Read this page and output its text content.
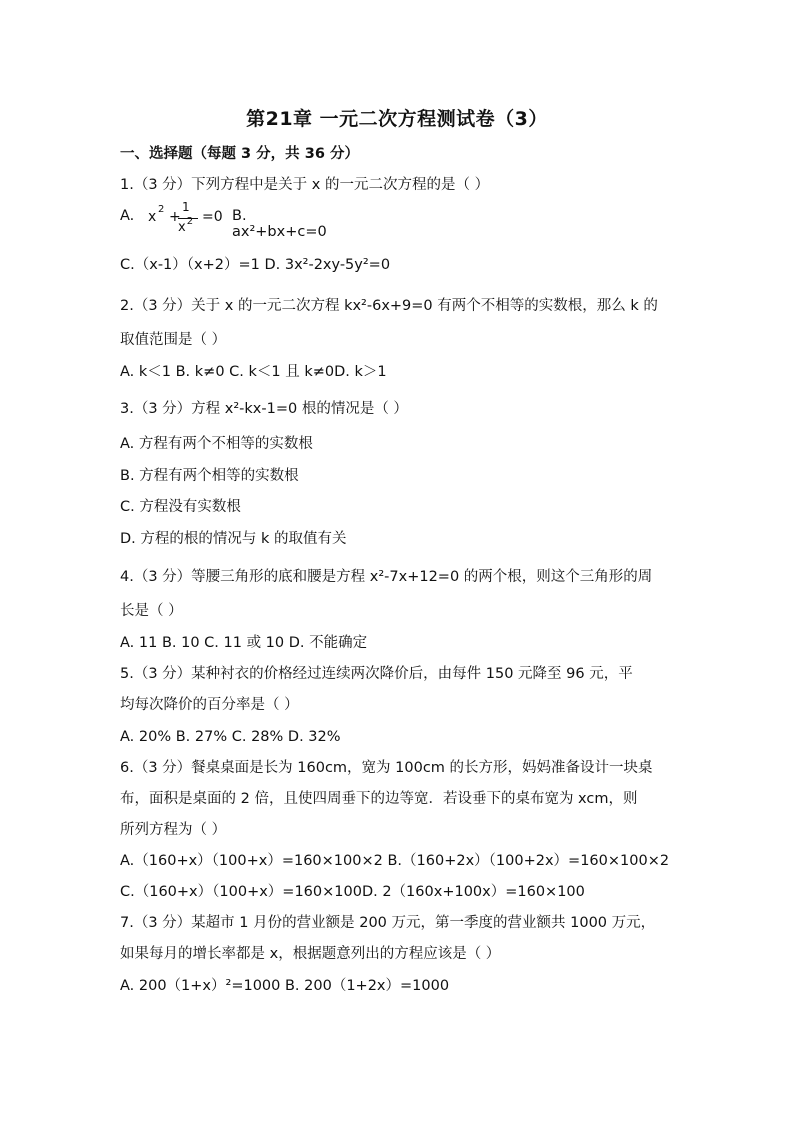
第21章 一元二次方程测试卷（3）
一、选择题（每题 3 分，共 36 分）
1.（3 分）下列方程中是关于 x 的一元二次方程的是（ ）
A. x 2 +
1
$x^2 =0$ B. ax²+bx+c=0
C.（x-1）（x+2）=1 D. 3x²-2xy-5y²=0
2.（3 分）关于 x 的一元二次方程 kx²-6x+9=0 有两个不相等的实数根，那么 k 的
取值范围是（ ）
A. k＜1 B. k≠0 C. k＜1 且 k≠0D. k＞1
3.（3 分）方程 x²-kx-1=0 根的情况是（ ）
A. 方程有两个不相等的实数根
B. 方程有两个相等的实数根
C. 方程没有实数根
D. 方程的根的情况与 k 的取值有关
4.（3 分）等腰三角形的底和腰是方程 x²-7x+12=0 的两个根，则这个三角形的周
长是（ ）
A. 11 B. 10 C. 11 或 10 D. 不能确定
5.（3 分）某种衬衣的价格经过连续两次降价后，由每件 150 元降至 96 元，平
均每次降价的百分率是（ ）
A. 20% B. 27% C. 28% D. 32%
6.（3 分）餐桌桌面是长为 160cm，宽为 100cm 的长方形，妈妈准备设计一块桌
布，面积是桌面的 2 倍，且使四周垂下的边等宽．若设垂下的桌布宽为 xcm，则
所列方程为（ ）
A.（160+x）（100+x）=160×100×2 B.（160+2x）（100+2x）=160×100×2
C.（160+x）（100+x）=160×100D. 2（160x+100x）=160×100
7.（3 分）某超市 1 月份的营业额是 200 万元，第一季度的营业额共 1000 万元，
如果每月的增长率都是 x，根据题意列出的方程应该是（ ）
A. 200（1+x）²=1000 B. 200（1+2x）=1000
